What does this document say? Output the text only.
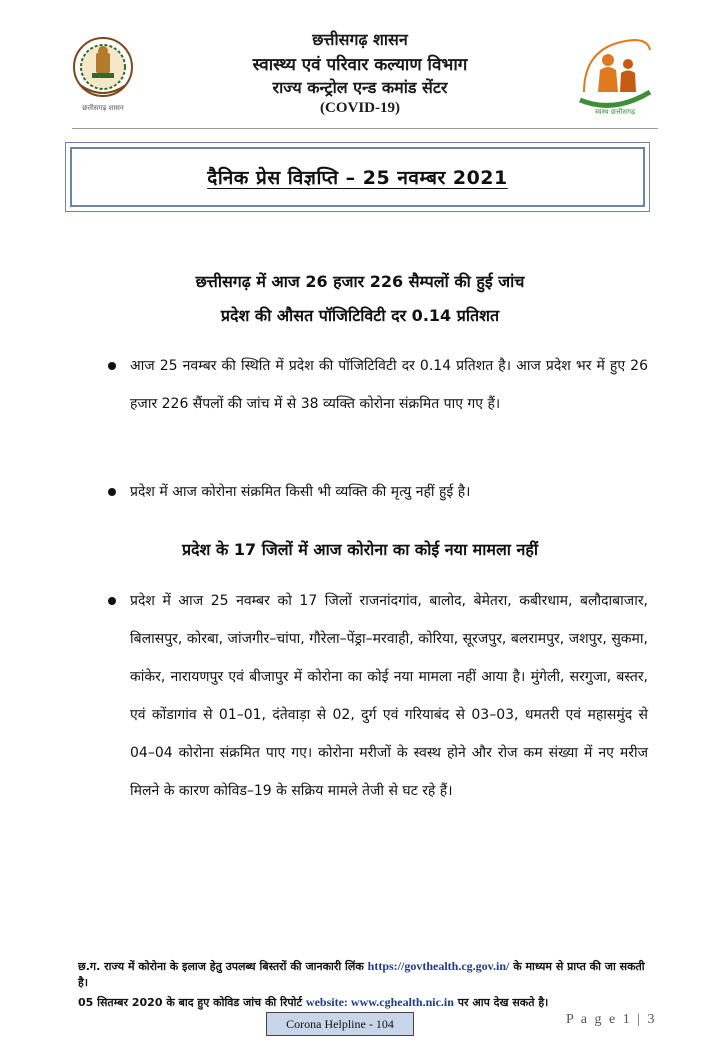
छत्तीसगढ़ शासन
छत्तीसगढ़ शासन
स्वास्थ्य एवं परिवार कल्याण विभाग
राज्य कन्ट्रोल एन्ड कमांड सेंटर
(COVID-19)	स्वस्थ छत्तीसगढ़
दैनिक प्रेस विज्ञप्ति – 25 नवम्बर 2021
छत्तीसगढ़ में आज 26 हजार 226 सैम्पलों की हुई जांच
प्रदेश की औसत पॉजिटिविटी दर 0.14 प्रतिशत
आज 25 नवम्बर की स्थिति में प्रदेश की पॉजिटिविटी दर 0.14 प्रतिशत है। आज प्रदेश भर में हुए 26 हजार 226 सैंपलों की जांच में से 38 व्यक्ति कोरोना संक्रमित पाए गए हैं।
प्रदेश में आज कोरोना संक्रमित किसी भी व्यक्ति की मृत्यु नहीं हुई है।
प्रदेश के 17 जिलों में आज कोरोना का कोई नया मामला नहीं
प्रदेश में आज 25 नवम्बर को 17 जिलों राजनांदगांव, बालोद, बेमेतरा, कबीरधाम, बलौदाबाजार, बिलासपुर, कोरबा, जांजगीर–चांपा, गौरेला–पेंड्रा–मरवाही, कोरिया, सूरजपुर, बलरामपुर, जशपुर, सुकमा, कांकेर, नारायणपुर एवं बीजापुर में कोरोना का कोई नया मामला नहीं आया है। मुंगेली, सरगुजा, बस्तर, एवं कोंडागांव से 01–01, दंतेवाड़ा से 02, दुर्ग एवं गरियाबंद से 03–03, धमतरी एवं महासमुंद से 04–04 कोरोना संक्रमित पाए गए। कोरोना मरीजों के स्वस्थ होने और रोज कम संख्या में नए मरीज मिलने के कारण कोविड–19 के सक्रिय मामले तेजी से घट रहे हैं।
छ.ग. राज्य में कोरोना के इलाज हेतु उपलब्ध बिस्तरों की जानकारी लिंक https://govthealth.cg.gov.in/ के माध्यम से प्राप्त की जा सकती है।
05 सितम्बर 2020 के बाद हुए कोविड जांच की रिपोर्ट website: www.cghealth.nic.in पर आप देख सकते है।
Corona Helpline - 104	P a g e 1 | 3
